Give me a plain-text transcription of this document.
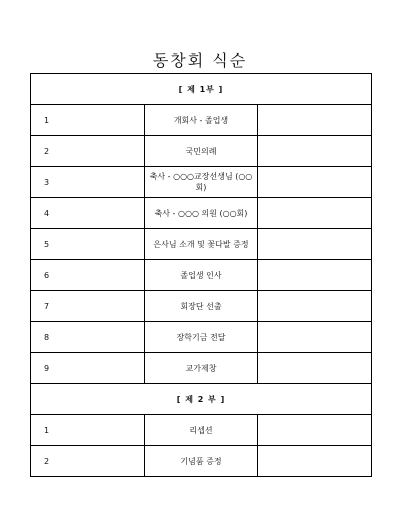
동창회 식순
[ 제 1부 ]		
1	개회사 - 졸업생	
2	국민의례	
3	축사 - ○○○교장선생님 (○○회)	
4	축사 - ○○○ 의원 (○○회)	
5	은사님 소개 및 꽃다발 증정	
6	졸업생 인사	
7	회장단 선출	
8	장학기금 전달	
9	교가제창	
[ 제 2 부 ]		
1	리셉션	
2	기념품 증정	
